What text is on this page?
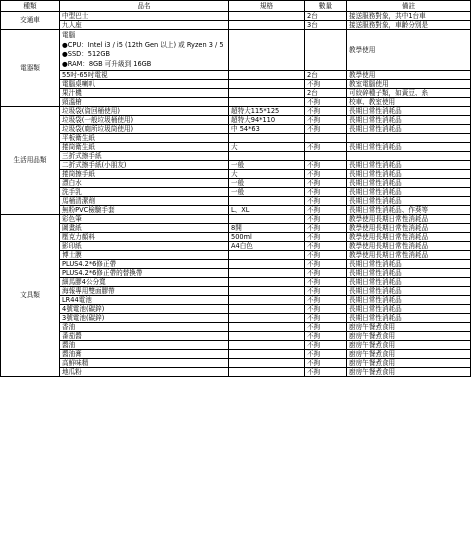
種類	品名	規格	數量	備註
交通車	中型巴士		2台	接送服務對象，共中1台車
	九人座		3台	接送服務對象，車齡分別是
電器類	電腦
●CPU：Intel i3 / i5 (12th Gen 以上) 或 Ryzen 3 / 5
●SSD：512GB
●RAM：8GB 可升級到 16GB			教學使用
	55吋-65吋電視		2台	教學使用
	電腦桌喇叭		不拘	教室電腦使用
	果汁機		2台	可絞碎種子類，如黃豆、糸
	頸溫槍		不拘	校車、教室使用
生活用品類	垃圾袋(資回桶使用)	超特大115*125	不拘	長期日常性消耗品
	垃圾袋(一般垃圾桶使用)	超特大94*110	不拘	長期日常性消耗品
	垃圾袋(廁所垃圾筒使用)	中 54*63	不拘	長期日常性消耗品
	平板衛生紙			
	捲筒衛生紙	大	不拘	長期日常性消耗品
	三折式擦手紙			
	二折式擦手紙(小朋友)	一般	不拘	長期日常性消耗品
	捲筒擦手紙	大	不拘	長期日常性消耗品
	漂白水	一般	不拘	長期日常性消耗品
	洗手乳	一般	不拘	長期日常性消耗品
	馬桶清潔劑		不拘	長期日常性消耗品
	無粉PVC檢驗手套	L、XL	不拘	長期日常性消耗品、作葵等
文具類	彩色筆		不拘	教學使用長期日常性消耗品
	圖畫紙	8開	不拘	教學使用長期日常性消耗品
	壓克力顏料	500ml	不拘	教學使用長期日常性消耗品
	影印紙	A4白色	不拘	教學使用長期日常性消耗品
	博士膜		不拘	教學使用長期日常性消耗品
	PLUS4.2*6修正帶		不拘	長期日常性消耗品
	PLUS4.2*6修正帶的替換帶		不拘	長期日常性消耗品
	細馬膠4公分寬		不拘	長期日常性消耗品
	海報專用雙面膠帶		不拘	長期日常性消耗品
	LR44電池		不拘	長期日常性消耗品
	4號電池(碳鋅)		不拘	長期日常性消耗品
	3號電池(碳鋅)		不拘	長期日常性消耗品
	香油		不拘	廚房午餐煮食用
	番茄醬		不拘	廚房午餐煮食用
	醬油		不拘	廚房午餐煮食用
	醬油膏		不拘	廚房午餐煮食用
	高鮮味精		不拘	廚房午餐煮食用
	地瓜粉		不拘	廚房午餐煮食用
